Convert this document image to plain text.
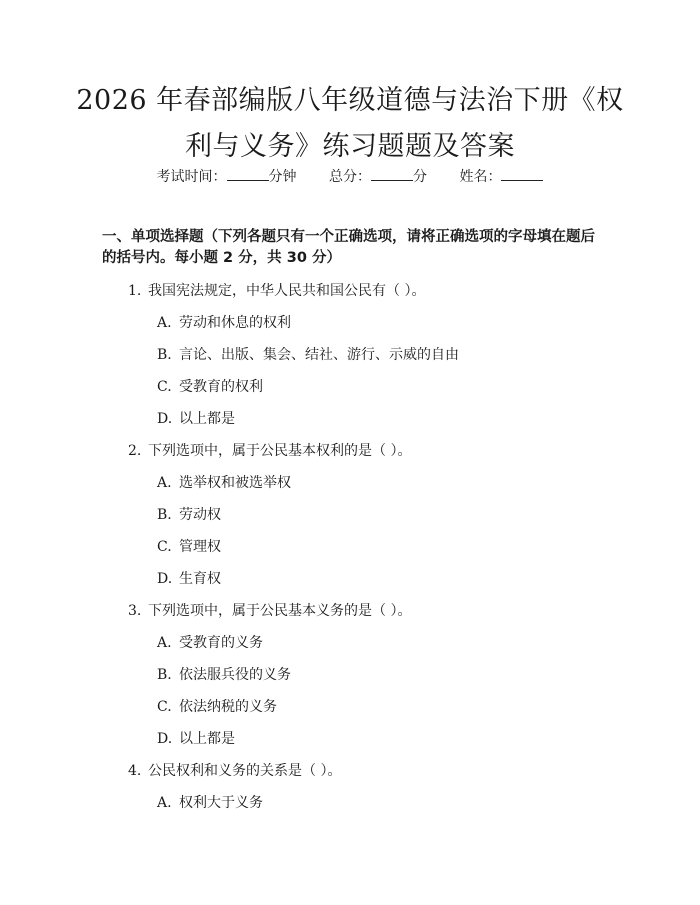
2026 年春部编版八年级道德与法治下册《权
利与义务》练习题题及答案
考试时间：	分钟 总分：	分 姓名：
一、单项选择题（下列各题只有一个正确选项，请将正确选项的字母填在题后的括号内。每小题 2 分，共 30 分）
1. 我国宪法规定，中华人民共和国公民有（ ）。
A. 劳动和休息的权利
B. 言论、出版、集会、结社、游行、示威的自由
C. 受教育的权利
D. 以上都是
2. 下列选项中，属于公民基本权利的是（ ）。
A. 选举权和被选举权
B. 劳动权
C. 管理权
D. 生育权
3. 下列选项中，属于公民基本义务的是（ ）。
A. 受教育的义务
B. 依法服兵役的义务
C. 依法纳税的义务
D. 以上都是
4. 公民权利和义务的关系是（ ）。
A. 权利大于义务
